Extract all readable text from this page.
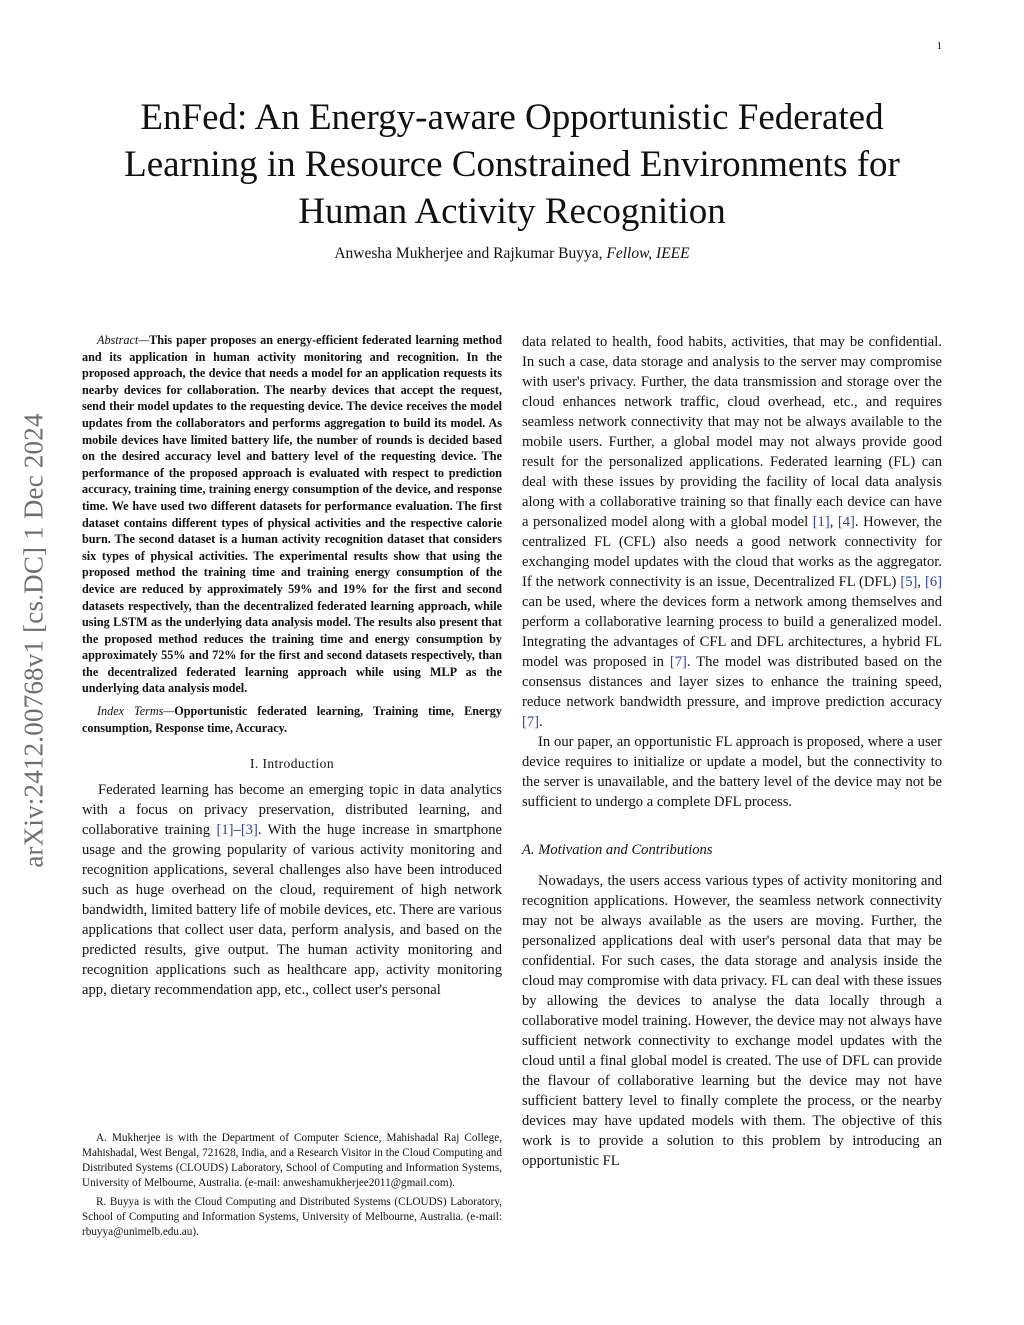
1
arXiv:2412.00768v1 [cs.DC] 1 Dec 2024
EnFed: An Energy-aware Opportunistic Federated Learning in Resource Constrained Environments for Human Activity Recognition
Anwesha Mukherjee and Rajkumar Buyya, Fellow, IEEE

Abstract—This paper proposes an energy-efficient federated learning method and its application in human activity monitoring and recognition. In the proposed approach, the device that needs a model for an application requests its nearby devices for collaboration. The nearby devices that accept the request, send their model updates to the requesting device. The device receives the model updates from the collaborators and performs aggregation to build its model. As mobile devices have limited battery life, the number of rounds is decided based on the desired accuracy level and battery level of the requesting device. The performance of the proposed approach is evaluated with respect to prediction accuracy, training time, training energy consumption of the device, and response time. We have used two different datasets for performance evaluation. The first dataset contains different types of physical activities and the respective calorie burn. The second dataset is a human activity recognition dataset that considers six types of physical activities. The experimental results show that using the proposed method the training time and training energy consumption of the device are reduced by approximately 59% and 19% for the first and second datasets respectively, than the decentralized federated learning approach, while using LSTM as the underlying data analysis model. The results also present that the proposed method reduces the training time and energy consumption by approximately 55% and 72% for the first and second datasets respectively, than the decentralized federated learning approach while using MLP as the underlying data analysis model.

Index Terms—Opportunistic federated learning, Training time, Energy consumption, Response time, Accuracy.

I. Introduction

Federated learning has become an emerging topic in data analytics with a focus on privacy preservation, distributed learning, and collaborative training [1]–[3]. With the huge increase in smartphone usage and the growing popularity of various activity monitoring and recognition applications, several challenges also have been introduced such as huge overhead on the cloud, requirement of high network bandwidth, limited battery life of mobile devices, etc. There are various applications that collect user data, perform analysis, and based on the predicted results, give output. The human activity monitoring and recognition applications such as healthcare app, activity monitoring app, dietary recommendation app, etc., collect user's personal

A. Mukherjee is with the Department of Computer Science, Mahishadal Raj College, Mahishadal, West Bengal, 721628, India, and a Research Visitor in the Cloud Computing and Distributed Systems (CLOUDS) Laboratory, School of Computing and Information Systems, University of Melbourne, Australia. (e-mail: anweshamukherjee2011@gmail.com).

R. Buyya is with the Cloud Computing and Distributed Systems (CLOUDS) Laboratory, School of Computing and Information Systems, University of Melbourne, Australia. (e-mail: rbuyya@unimelb.edu.au).

data related to health, food habits, activities, that may be confidential. In such a case, data storage and analysis to the server may compromise with user's privacy. Further, the data transmission and storage over the cloud enhances network traffic, cloud overhead, etc., and requires seamless network connectivity that may not be always available to the mobile users. Further, a global model may not always provide good result for the personalized applications. Federated learning (FL) can deal with these issues by providing the facility of local data analysis along with a collaborative training so that finally each device can have a personalized model along with a global model [1], [4]. However, the centralized FL (CFL) also needs a good network connectivity for exchanging model updates with the cloud that works as the aggregator. If the network connectivity is an issue, Decentralized FL (DFL) [5], [6] can be used, where the devices form a network among themselves and perform a collaborative learning process to build a generalized model. Integrating the advantages of CFL and DFL architectures, a hybrid FL model was proposed in [7]. The model was distributed based on the consensus distances and layer sizes to enhance the training speed, reduce network bandwidth pressure, and improve prediction accuracy [7].

In our paper, an opportunistic FL approach is proposed, where a user device requires to initialize or update a model, but the connectivity to the server is unavailable, and the battery level of the device may not be sufficient to undergo a complete DFL process.

A. Motivation and Contributions

Nowadays, the users access various types of activity monitoring and recognition applications. However, the seamless network connectivity may not be always available as the users are moving. Further, the personalized applications deal with user's personal data that may be confidential. For such cases, the data storage and analysis inside the cloud may compromise with data privacy. FL can deal with these issues by allowing the devices to analyse the data locally through a collaborative model training. However, the device may not always have sufficient network connectivity to exchange model updates with the cloud until a final global model is created. The use of DFL can provide the flavour of collaborative learning but the device may not have sufficient battery level to finally complete the process, or the nearby devices may have updated models with them. The objective of this work is to provide a solution to this problem by introducing an opportunistic FL
